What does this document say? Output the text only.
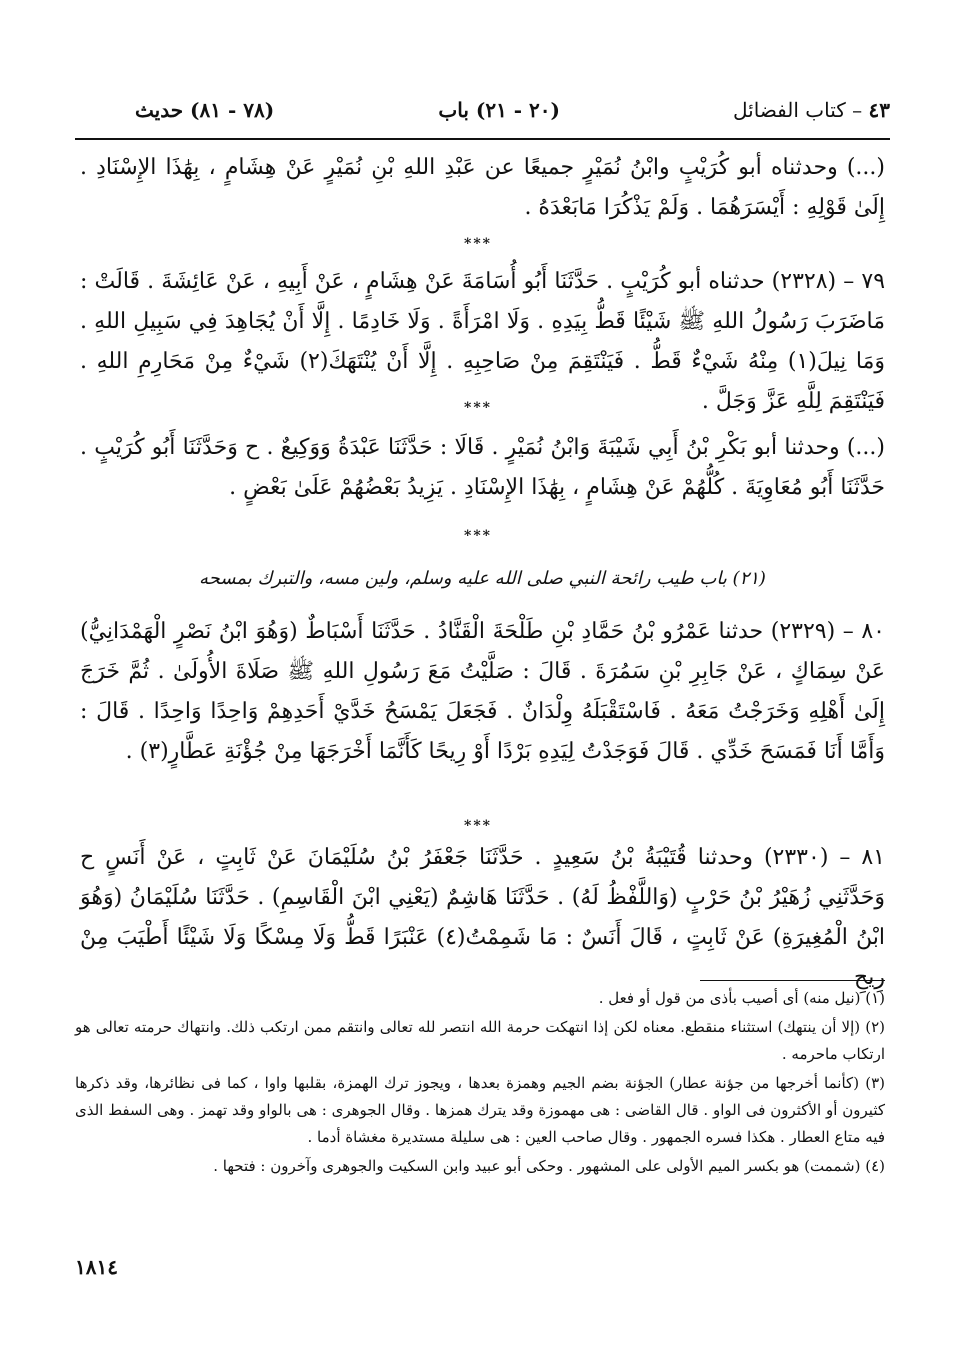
٤٣ – كتاب الفضائل
(٢٠ - ٢١) باب
(٧٨ - ٨١) حديث
(...) وحدثناه أبو كُرَيْبٍ وابْنُ نُمَيْرٍ جميعًا عن عَبْدِ اللهِ بْنِ نُمَيْرٍ عَنْ هِشَامٍ ، بِهَٰذَا الإِسْنَادِ . إِلَىٰ قَوْلِهِ : أَيْسَرَهُمَا . وَلَمْ يَذْكُرَا مَابَعْدَهُ .
***
٧٩ – (٢٣٢٨) حدثناه أبو كُرَيْبٍ . حَدَّثَنَا أَبُو أُسَامَةَ عَنْ هِشَامٍ ، عَنْ أَبِيهِ ، عَنْ عَائِشَةَ . قَالَتْ : مَاضَرَبَ رَسُولُ اللهِ ﷺ شَيْئًا قَطُّ بِيَدِهِ . وَلَا امْرَأَةً . وَلَا خَادِمًا . إِلَّا أَنْ يُجَاهِدَ فِي سَبِيلِ اللهِ . وَمَا نِيلَ(١) مِنْهُ شَيْءٌ قَطُّ . فَيَنْتَقِمَ مِنْ صَاحِبِهِ . إِلَّا أَنْ يُنْتَهَكَ(٢) شَيْءٌ مِنْ مَحَارِمِ اللهِ . فَيَنْتَقِمَ لِلَّهِ عَزَّ وَجَلَّ .
***
(...) وحدثنا أبو بَكْرِ بْنُ أَبِي شَيْبَةَ وَابْنُ نُمَيْرٍ . قَالَا : حَدَّثَنَا عَبْدَةُ وَوَكِيعٌ . ح وَحَدَّثَنَا أَبُو كُرَيْبٍ . حَدَّثَنَا أَبُو مُعَاوِيَةَ . كُلُّهُمْ عَنْ هِشَامٍ ، بِهَٰذَا الإِسْنَادِ . يَزِيدُ بَعْضُهُمْ عَلَىٰ بَعْضٍ .
***
(٢١) باب طيب رائحة النبي صلى الله عليه وسلم، ولين مسه، والتبرك بمسحه
٨٠ – (٢٣٢٩) حدثنا عَمْرُو بْنُ حَمَّادِ بْنِ طَلْحَةَ الْقَنَّادُ . حَدَّثَنَا أَسْبَاطٌ (وَهُوَ ابْنُ نَصْرٍ الْهَمْدَانِيُّ) عَنْ سِمَاكٍ ، عَنْ جَابِرِ بْنِ سَمُرَةَ . قَالَ : صَلَّيْتُ مَعَ رَسُولِ اللهِ ﷺ صَلَاةَ الأُولَىٰ . ثُمَّ خَرَجَ إِلَىٰ أَهْلِهِ وَخَرَجْتُ مَعَهُ . فَاسْتَقْبَلَهُ وِلْدَانٌ . فَجَعَلَ يَمْسَحُ خَدَّيْ أَحَدِهِمْ وَاحِدًا وَاحِدًا . قَالَ : وَأَمَّا أَنَا فَمَسَحَ خَدِّي . قَالَ فَوَجَدْتُ لِيَدِهِ بَرْدًا أَوْ رِيحًا كَأَنَّمَا أَخْرَجَهَا مِنْ جُؤْنَةِ عَطَّارٍ(٣) .
***
٨١ – (٢٣٣٠) وحدثنا قُتَيْبَةُ بْنُ سَعِيدٍ . حَدَّثَنَا جَعْفَرُ بْنُ سُلَيْمَانَ عَنْ ثَابِتٍ ، عَنْ أَنَسٍ ح وَحَدَّثَنِي زُهَيْرُ بْنُ حَرْبٍ (وَاللَّفْظُ لَهُ) . حَدَّثَنَا هَاشِمٌ (يَعْنِي ابْنَ الْقَاسِمِ) . حَدَّثَنَا سُلَيْمَانُ (وَهُوَ ابْنُ الْمُغِيرَةِ) عَنْ ثَابِتٍ ، قَالَ أَنَسٌ : مَا شَمِمْتُ(٤) عَنْبَرًا قَطُّ وَلَا مِسْكًا وَلَا شَيْئًا أَطْيَبَ مِنْ رِيحِ

(١) (نيل منه) أى أصيب بأذى من قول أو فعل .

(٢) (إلا أن ينتهك) استثناء منقطع. معناه لكن إذا انتهكت حرمة الله انتصر لله تعالى وانتقم ممن ارتكب ذلك. وانتهاك حرمته تعالى هو ارتكاب ماحرمه .

(٣) (كأنما أخرجها من جؤنة عطار) الجؤنة بضم الجيم وهمزة بعدها ، ويجوز ترك الهمزة، بقلبها واوا ، كما فى نظائرها، وقد ذكرها كثيرون أو الأكثرون فى الواو . قال القاضى : هى مهموزة وقد يترك همزها . وقال الجوهرى : هى بالواو وقد تهمز . وهى السفط الذى فيه متاع العطار . هكذا فسره الجمهور . وقال صاحب العين : هى سليلة مستديرة مغشاة أدما .

(٤) (شممت) هو بكسر الميم الأولى على المشهور . وحكى أبو عبيد وابن السكيت والجوهرى وآخرون : فتحها .

١٨١٤
